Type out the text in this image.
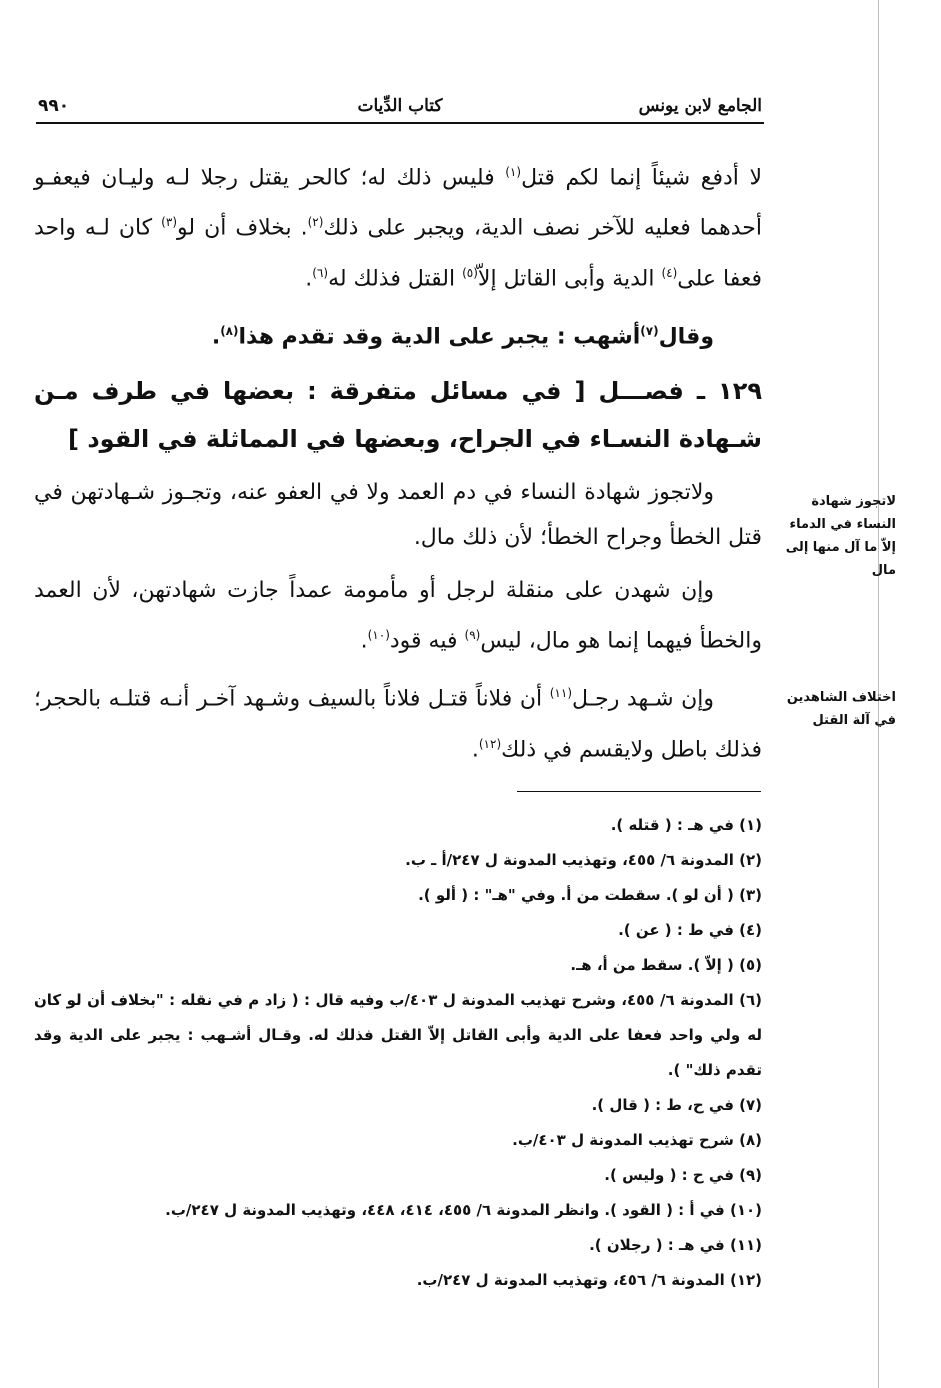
٩٩٠	كتاب الدِّيات	الجامع لابن يونس

لا أدفع شيئاً إنما لكم قتل$^{(١)}$ فليس ذلك له؛ كالحر يقتل رجلا لـه وليـان فيعفـو أحدهما فعليه للآخر نصف الدية، ويجبر على ذلك$^{(٢)}$. بخلاف أن لو$^{(٣)}$ كان لـه واحد فعفا على$^{(٤)}$ الدية وأبى القاتل إلاّ$^{(٥)}$ القتل فذلك له$^{(٦)}$.

وقال$^{(٧)}$أشهب : يجبر على الدية وقد تقدم هذا$^{(٨)}$.

١٢٩ ـ فصـــل [ في مسائل متفرقة : بعضها في طرف مـن شـهادة النسـاء في الجراح، وبعضها في المماثلة في القود ]

ولاتجوز شهادة النساء في دم العمد ولا في العفو عنه، وتجـوز شـهادتهن في قتل الخطأ وجراح الخطأ؛ لأن ذلك مال.

وإن شهدن على منقلة لرجل أو مأمومة عمداً جازت شهادتهن، لأن العمد والخطأ فيهما إنما هو مال، ليس$^{(٩)}$ فيه قود$^{(١٠)}$.

وإن شـهد رجـل$^{(١١)}$ أن فلاناً قتـل فلاناً بالسيف وشـهد آخـر أنـه قتلـه بالحجر؛ فذلك باطل ولايقسم في ذلك$^{(١٢)}$.

لاتجوز شهادة النساء في الدماء إلاّ ما آل منها إلى مال
اختلاف الشاهدين في آلة القتل

(١) في هـ : ( قتله ).

(٢) المدونة ٦/ ٤٥٥، وتهذيب المدونة ل ٢٤٧/أ ـ ب.

(٣) ( أن لو ). سقطت من أ. وفي "هـ" : ( ألو ).

(٤) في ط : ( عن ).

(٥) ( إلاّ ). سقط من أ، هـ.

(٦) المدونة ٦/ ٤٥٥، وشرح تهذيب المدونة ل ٤٠٣/ب وفيه قال : ( زاد م في نقله : "بخلاف أن لو كان له ولي واحد فعفا على الدية وأبى القاتل إلاّ القتل فذلك له. وقـال أشـهب : يجبر على الدية وقد تقدم ذلك" ).

(٧) في ح، ط : ( قال ).

(٨) شرح تهذيب المدونة ل ٤٠٣/ب.

(٩) في ح : ( وليس ).

(١٠) في أ : ( القود ). وانظر المدونة ٦/ ٤٥٥، ٤١٤، ٤٤٨، وتهذيب المدونة ل ٢٤٧/ب.

(١١) في هـ : ( رجلان ).

(١٢) المدونة ٦/ ٤٥٦، وتهذيب المدونة ل ٢٤٧/ب.
